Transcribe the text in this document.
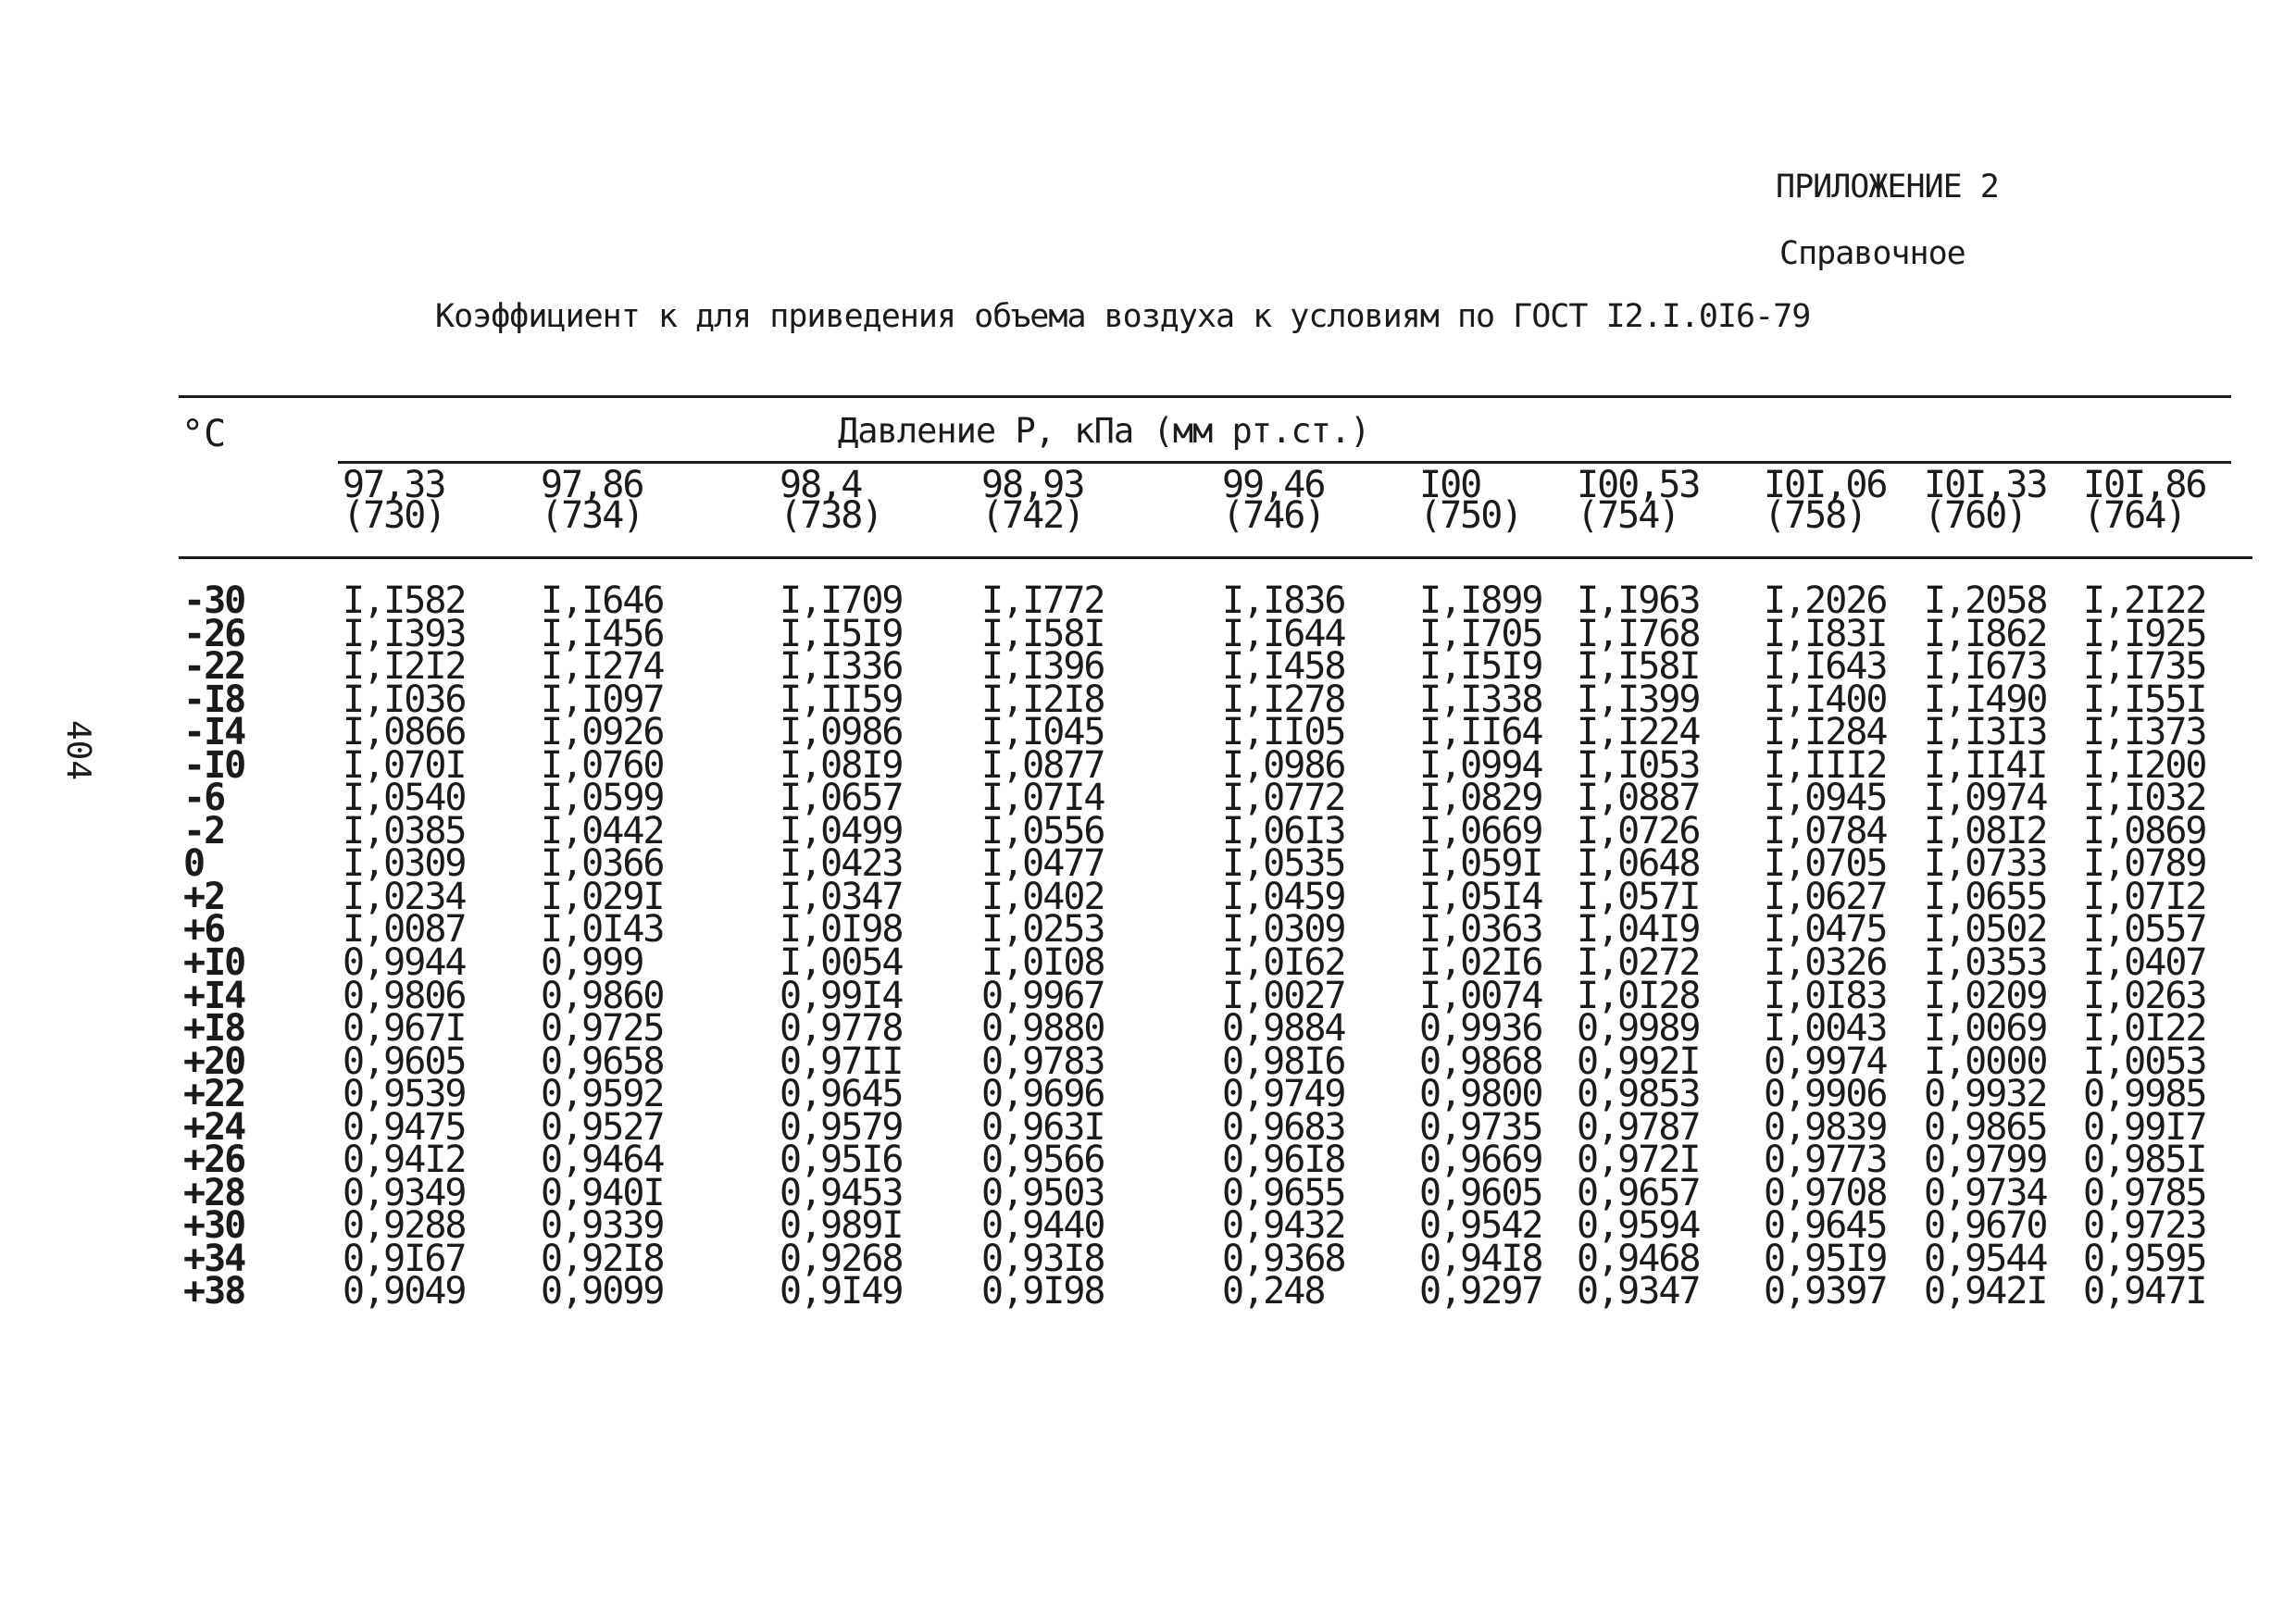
ПРИЛОЖЕНИЕ 2
Справочное
Коэффициент к для приведения объема воздуха к условиям по ГОСТ I2.I.0I6-79
404
°C	Давление P, кПа (мм рт.ст.)
97,33
(730)
97,86
(734)
98,4
(738)
98,93
(742)
99,46
(746)
I00
(750)
I00,53
(754)
I0I,06
(758)
I0I,33
(760)
I0I,86
(764)
-30
-26
-22
-I8
-I4
-I0
-6
-2
0
+2
+6
+I0
+I4
+I8
+20
+22
+24
+26
+28
+30
+34
+38
I,I582
I,I393
I,I2I2
I,I036
I,0866
I,070I
I,0540
I,0385
I,0309
I,0234
I,0087
0,9944
0,9806
0,967I
0,9605
0,9539
0,9475
0,94I2
0,9349
0,9288
0,9I67
0,9049
I,I646
I,I456
I,I274
I,I097
I,0926
I,0760
I,0599
I,0442
I,0366
I,029I
I,0I43
0,999
0,9860
0,9725
0,9658
0,9592
0,9527
0,9464
0,940I
0,9339
0,92I8
0,9099
I,I709
I,I5I9
I,I336
I,II59
I,0986
I,08I9
I,0657
I,0499
I,0423
I,0347
I,0I98
I,0054
0,99I4
0,9778
0,97II
0,9645
0,9579
0,95I6
0,9453
0,989I
0,9268
0,9I49
I,I772
I,I58I
I,I396
I,I2I8
I,I045
I,0877
I,07I4
I,0556
I,0477
I,0402
I,0253
I,0I08
0,9967
0,9880
0,9783
0,9696
0,963I
0,9566
0,9503
0,9440
0,93I8
0,9I98
I,I836
I,I644
I,I458
I,I278
I,II05
I,0986
I,0772
I,06I3
I,0535
I,0459
I,0309
I,0I62
I,0027
0,9884
0,98I6
0,9749
0,9683
0,96I8
0,9655
0,9432
0,9368
0,248
I,I899
I,I705
I,I5I9
I,I338
I,II64
I,0994
I,0829
I,0669
I,059I
I,05I4
I,0363
I,02I6
I,0074
0,9936
0,9868
0,9800
0,9735
0,9669
0,9605
0,9542
0,94I8
0,9297
I,I963
I,I768
I,I58I
I,I399
I,I224
I,I053
I,0887
I,0726
I,0648
I,057I
I,04I9
I,0272
I,0I28
0,9989
0,992I
0,9853
0,9787
0,972I
0,9657
0,9594
0,9468
0,9347
I,2026
I,I83I
I,I643
I,I400
I,I284
I,III2
I,0945
I,0784
I,0705
I,0627
I,0475
I,0326
I,0I83
I,0043
0,9974
0,9906
0,9839
0,9773
0,9708
0,9645
0,95I9
0,9397
I,2058
I,I862
I,I673
I,I490
I,I3I3
I,II4I
I,0974
I,08I2
I,0733
I,0655
I,0502
I,0353
I,0209
I,0069
I,0000
0,9932
0,9865
0,9799
0,9734
0,9670
0,9544
0,942I
I,2I22
I,I925
I,I735
I,I55I
I,I373
I,I200
I,I032
I,0869
I,0789
I,07I2
I,0557
I,0407
I,0263
I,0I22
I,0053
0,9985
0,99I7
0,985I
0,9785
0,9723
0,9595
0,947I
